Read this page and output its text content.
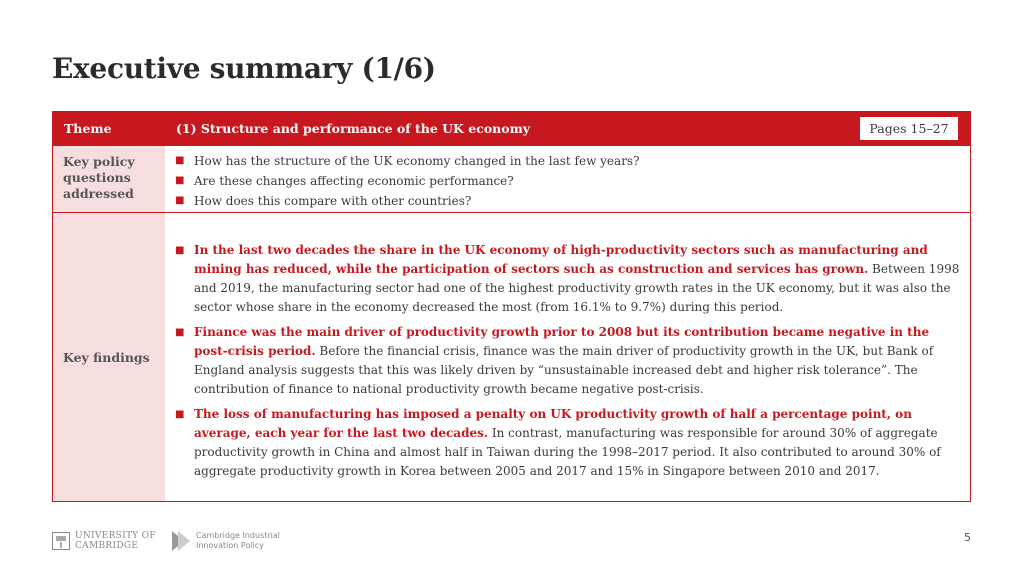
Executive summary (1/6)
Theme	(1) Structure and performance of the UK economy	Pages 15–27
Key policy questions addressed
■ How has the structure of the UK economy changed in the last few years?
■ Are these changes affecting economic performance?
■ How does this compare with other countries?
Key findings
■ In the last two decades the share in the UK economy of high-productivity sectors such as manufacturing and mining has reduced, while the participation of sectors such as construction and services has grown. Between 1998 and 2019, the manufacturing sector had one of the highest productivity growth rates in the UK economy, but it was also the sector whose share in the economy decreased the most (from 16.1% to 9.7%) during this period.
■ Finance was the main driver of productivity growth prior to 2008 but its contribution became negative in the post-crisis period. Before the financial crisis, finance was the main driver of productivity growth in the UK, but Bank of England analysis suggests that this was likely driven by “unsustainable increased debt and higher risk tolerance”. The contribution of finance to national productivity growth became negative post-crisis.
■ The loss of manufacturing has imposed a penalty on UK productivity growth of half a percentage point, on average, each year for the last two decades. In contrast, manufacturing was responsible for around 30% of aggregate productivity growth in China and almost half in Taiwan during the 1998–2017 period. It also contributed to around 30% of aggregate productivity growth in Korea between 2005 and 2017 and 15% in Singapore between 2010 and 2017.
UNIVERSITY OF
CAMBRIDGE
Cambridge Industrial
Innovation Policy
5
